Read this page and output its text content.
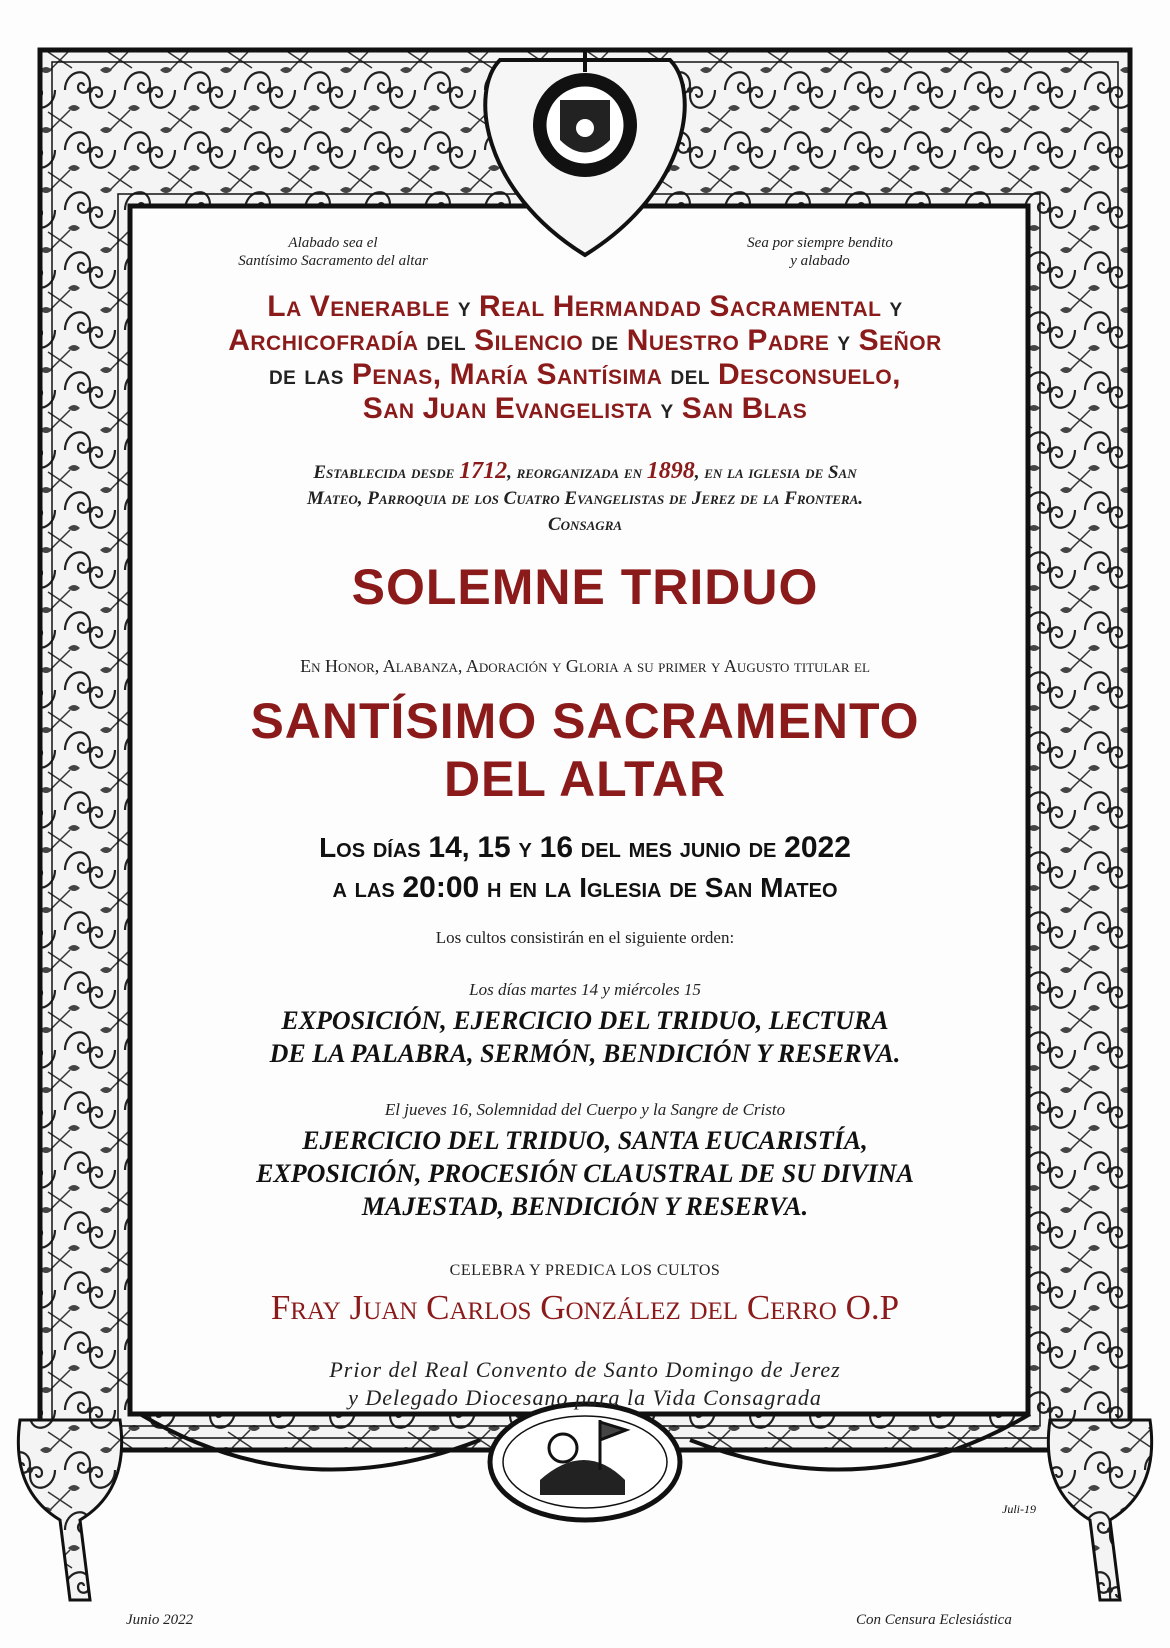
Alabado sea el
Santísimo Sacramento del altar
Sea por siempre bendito
y alabado
La Venerable y Real Hermandad Sacramental y
Archicofradía del Silencio de Nuestro Padre y Señor
de las Penas, María Santísima del Desconsuelo,
San Juan Evangelista y San Blas
Establecida desde 1712, reorganizada en 1898, en la iglesia de San
Mateo, Parroquia de los Cuatro Evangelistas de Jerez de la Frontera.
Consagra
SOLEMNE TRIDUO
En Honor, Alabanza, Adoración y Gloria a su primer y Augusto titular el
SANTÍSIMO SACRAMENTO
DEL ALTAR
Los días 14, 15 y 16 del mes junio de 2022
a las 20:00 h en la Iglesia de San Mateo
Los cultos consistirán en el siguiente orden:
Los días martes 14 y miércoles 15
EXPOSICIÓN, EJERCICIO DEL TRIDUO, LECTURA
DE LA PALABRA, SERMÓN, BENDICIÓN Y RESERVA.
El jueves 16, Solemnidad del Cuerpo y la Sangre de Cristo
EJERCICIO DEL TRIDUO, SANTA EUCARISTÍA,
EXPOSICIÓN, PROCESIÓN CLAUSTRAL DE SU DIVINA
MAJESTAD, BENDICIÓN Y RESERVA.
CELEBRA Y PREDICA LOS CULTOS
Fray Juan Carlos González del Cerro O.P
Prior del Real Convento de Santo Domingo de Jerez
y Delegado Diocesano para la Vida Consagrada
Juli-19
Junio 2022	Con Censura Eclesiástica
